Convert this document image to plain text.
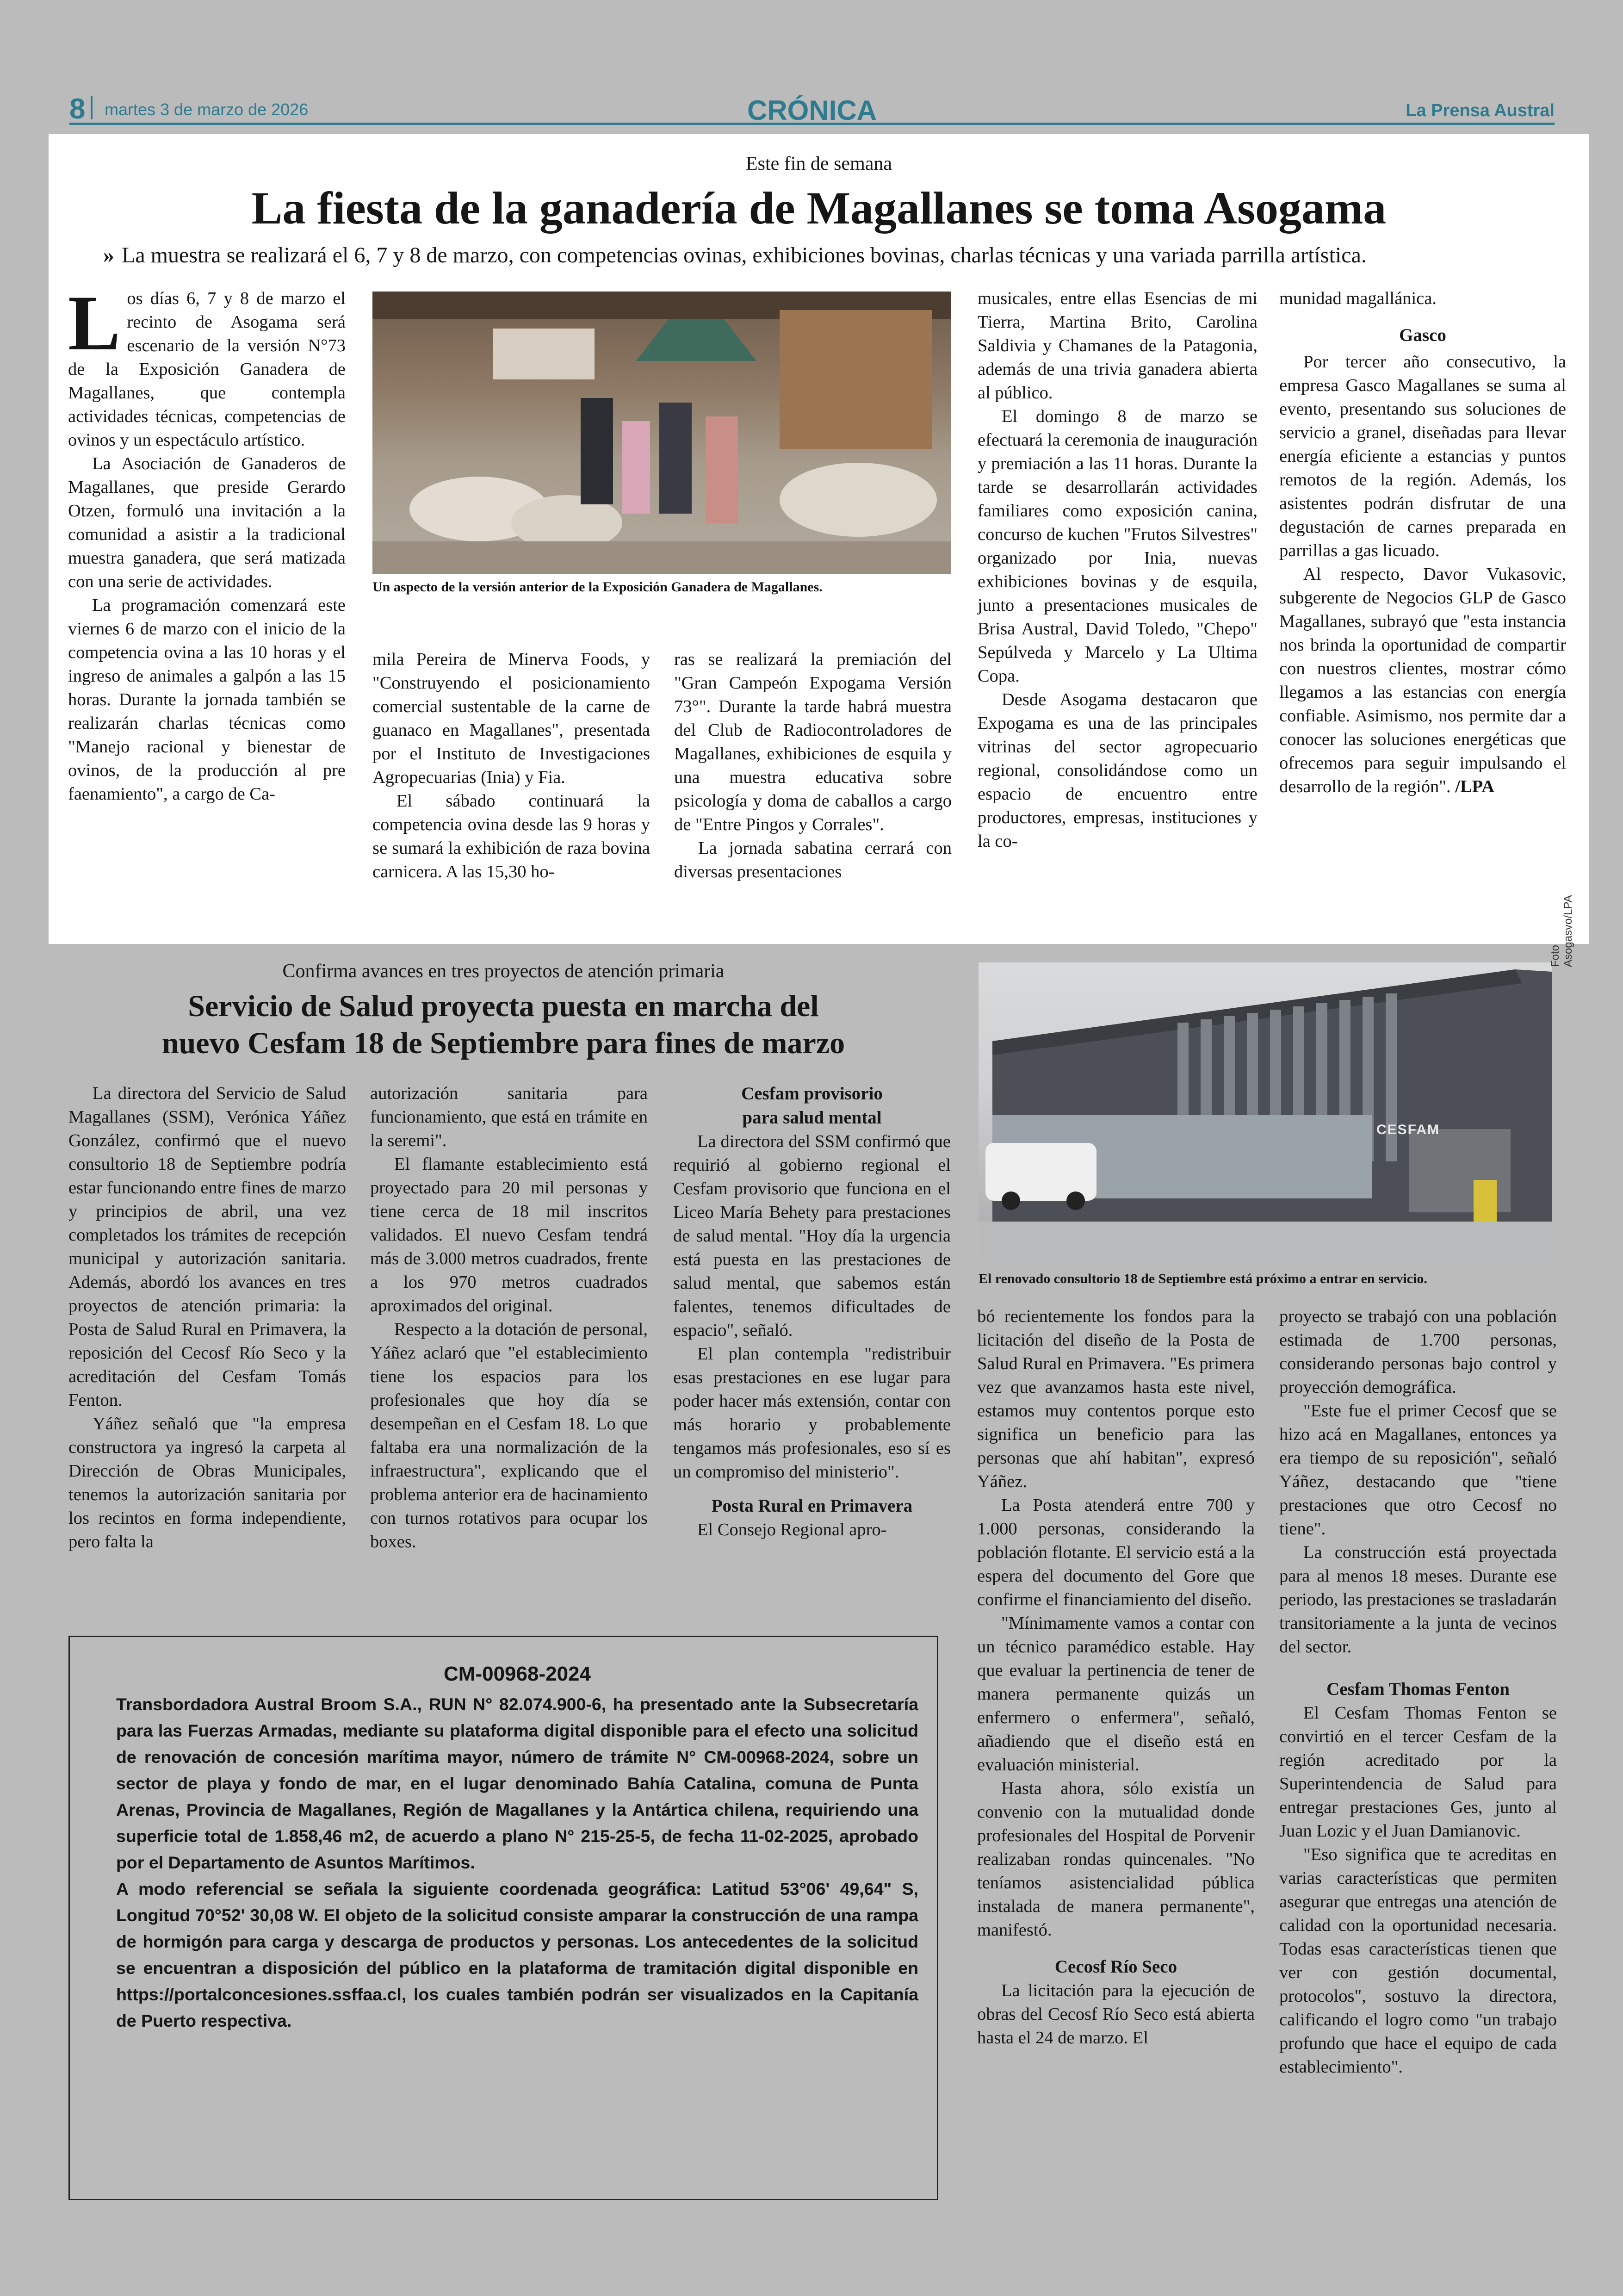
8 martes 3 de marzo de 2026	CRÓNICA	La Prensa Austral
Este fin de semana
La fiesta de la ganadería de Magallanes se toma Asogama
» La muestra se realizará el 6, 7 y 8 de marzo, con competencias ovinas, exhibiciones bovinas, charlas técnicas y una variada parrilla artística.

Los días 6, 7 y 8 de marzo el recinto de Asogama será escenario de la versión N°73 de la Exposición Ganadera de Magallanes, que contempla actividades técnicas, competencias de ovinos y un espectáculo artístico.

La Asociación de Ganaderos de Magallanes, que preside Gerardo Otzen, formuló una invitación a la comunidad a asistir a la tradicional muestra ganadera, que será matizada con una serie de actividades.

La programación comenzará este viernes 6 de marzo con el inicio de la competencia ovina a las 10 horas y el ingreso de animales a galpón a las 15 horas. Durante la jornada también se realizarán charlas técnicas como "Manejo racional y bienestar de ovinos, de la producción al pre faenamiento", a cargo de Ca-

Un aspecto de la versión anterior de la Exposición Ganadera de Magallanes.

mila Pereira de Minerva Foods, y "Construyendo el posicionamiento comercial sustentable de la carne de guanaco en Magallanes", presentada por el Instituto de Investigaciones Agropecuarias (Inia) y Fia.

El sábado continuará la competencia ovina desde las 9 horas y se sumará la exhibición de raza bovina carnicera. A las 15,30 ho-

ras se realizará la premiación del "Gran Campeón Expogama Versión 73°". Durante la tarde habrá muestra del Club de Radiocontroladores de Magallanes, exhibiciones de esquila y una muestra educativa sobre psicología y doma de caballos a cargo de "Entre Pingos y Corrales".

La jornada sabatina cerrará con diversas presentaciones

musicales, entre ellas Esencias de mi Tierra, Martina Brito, Carolina Saldivia y Chamanes de la Patagonia, además de una trivia ganadera abierta al público.

El domingo 8 de marzo se efectuará la ceremonia de inauguración y premiación a las 11 horas. Durante la tarde se desarrollarán actividades familiares como exposición canina, concurso de kuchen "Frutos Silvestres" organizado por Inia, nuevas exhibiciones bovinas y de esquila, junto a presentaciones musicales de Brisa Austral, David Toledo, "Chepo" Sepúlveda y Marcelo y La Ultima Copa.

Desde Asogama destacaron que Expogama es una de las principales vitrinas del sector agropecuario regional, consolidándose como un espacio de encuentro entre productores, empresas, instituciones y la co-

munidad magallánica.

Gasco

Por tercer año consecutivo, la empresa Gasco Magallanes se suma al evento, presentando sus soluciones de servicio a granel, diseñadas para llevar energía eficiente a estancias y puntos remotos de la región. Además, los asistentes podrán disfrutar de una degustación de carnes preparada en parrillas a gas licuado.

Al respecto, Davor Vukasovic, subgerente de Negocios GLP de Gasco Magallanes, subrayó que "esta instancia nos brinda la oportunidad de compartir con nuestros clientes, mostrar cómo llegamos a las estancias con energía confiable. Asimismo, nos permite dar a conocer las soluciones energéticas que ofrecemos para seguir impulsando el desarrollo de la región". /LPA

Confirma avances en tres proyectos de atención primaria
Servicio de Salud proyecta puesta en marcha del
nuevo Cesfam 18 de Septiembre para fines de marzo
CESFAM
Foto Asogasvo/LPA
El renovado consultorio 18 de Septiembre está próximo a entrar en servicio.

La directora del Servicio de Salud Magallanes (SSM), Verónica Yáñez González, confirmó que el nuevo consultorio 18 de Septiembre podría estar funcionando entre fines de marzo y principios de abril, una vez completados los trámites de recepción municipal y autorización sanitaria. Además, abordó los avances en tres proyectos de atención primaria: la Posta de Salud Rural en Primavera, la reposición del Cecosf Río Seco y la acreditación del Cesfam Tomás Fenton.

Yáñez señaló que "la empresa constructora ya ingresó la carpeta al Dirección de Obras Municipales, tenemos la autorización sanitaria por los recintos en forma independiente, pero falta la

autorización sanitaria para funcionamiento, que está en trámite en la seremi".

El flamante establecimiento está proyectado para 20 mil personas y tiene cerca de 18 mil inscritos validados. El nuevo Cesfam tendrá más de 3.000 metros cuadrados, frente a los 970 metros cuadrados aproximados del original.

Respecto a la dotación de personal, Yáñez aclaró que "el establecimiento tiene los espacios para los profesionales que hoy día se desempeñan en el Cesfam 18. Lo que faltaba era una normalización de la infraestructura", explicando que el problema anterior era de hacinamiento con turnos rotativos para ocupar los boxes.

Cesfam provisorio
para salud mental

La directora del SSM confirmó que requirió al gobierno regional el Cesfam provisorio que funciona en el Liceo María Behety para prestaciones de salud mental. "Hoy día la urgencia está puesta en las prestaciones de salud mental, que sabemos están falentes, tenemos dificultades de espacio", señaló.

El plan contempla "redistribuir esas prestaciones en ese lugar para poder hacer más extensión, contar con más horario y probablemente tengamos más profesionales, eso sí es un compromiso del ministerio".

Posta Rural en Primavera

El Consejo Regional apro-

bó recientemente los fondos para la licitación del diseño de la Posta de Salud Rural en Primavera. "Es primera vez que avanzamos hasta este nivel, estamos muy contentos porque esto significa un beneficio para las personas que ahí habitan", expresó Yáñez.

La Posta atenderá entre 700 y 1.000 personas, considerando la población flotante. El servicio está a la espera del documento del Gore que confirme el financiamiento del diseño.

"Mínimamente vamos a contar con un técnico paramédico estable. Hay que evaluar la pertinencia de tener de manera permanente quizás un enfermero o enfermera", señaló, añadiendo que el diseño está en evaluación ministerial.

Hasta ahora, sólo existía un convenio con la mutualidad donde profesionales del Hospital de Porvenir realizaban rondas quincenales. "No teníamos asistencialidad pública instalada de manera permanente", manifestó.

Cecosf Río Seco

La licitación para la ejecución de obras del Cecosf Río Seco está abierta hasta el 24 de marzo. El

proyecto se trabajó con una población estimada de 1.700 personas, considerando personas bajo control y proyección demográfica.

"Este fue el primer Cecosf que se hizo acá en Magallanes, entonces ya era tiempo de su reposición", señaló Yáñez, destacando que "tiene prestaciones que otro Cecosf no tiene".

La construcción está proyectada para al menos 18 meses. Durante ese periodo, las prestaciones se trasladarán transitoriamente a la junta de vecinos del sector.

Cesfam Thomas Fenton

El Cesfam Thomas Fenton se convirtió en el tercer Cesfam de la región acreditado por la Superintendencia de Salud para entregar prestaciones Ges, junto al Juan Lozic y el Juan Damianovic.

"Eso significa que te acreditas en varias características que permiten asegurar que entregas una atención de calidad con la oportunidad necesaria. Todas esas características tienen que ver con gestión documental, protocolos", sostuvo la directora, calificando el logro como "un trabajo profundo que hace el equipo de cada establecimiento".

CM-00968-2024

Transbordadora Austral Broom S.A., RUN N° 82.074.900-6, ha presentado ante la Subsecretaría para las Fuerzas Armadas, mediante su plataforma digital disponible para el efecto una solicitud de renovación de concesión marítima mayor, número de trámite N° CM-00968-2024, sobre un sector de playa y fondo de mar, en el lugar denominado Bahía Catalina, comuna de Punta Arenas, Provincia de Magallanes, Región de Magallanes y la Antártica chilena, requiriendo una superficie total de 1.858,46 m2, de acuerdo a plano N° 215-25-5, de fecha 11-02-2025, aprobado por el Departamento de Asuntos Marítimos.

A modo referencial se señala la siguiente coordenada geográfica: Latitud 53°06' 49,64" S, Longitud 70°52' 30,08 W. El objeto de la solicitud consiste amparar la construcción de una rampa de hormigón para carga y descarga de productos y personas. Los antecedentes de la solicitud se encuentran a disposición del público en la plataforma de tramitación digital disponible en https://portalconcesiones.ssffaa.cl, los cuales también podrán ser visualizados en la Capitanía de Puerto respectiva.
